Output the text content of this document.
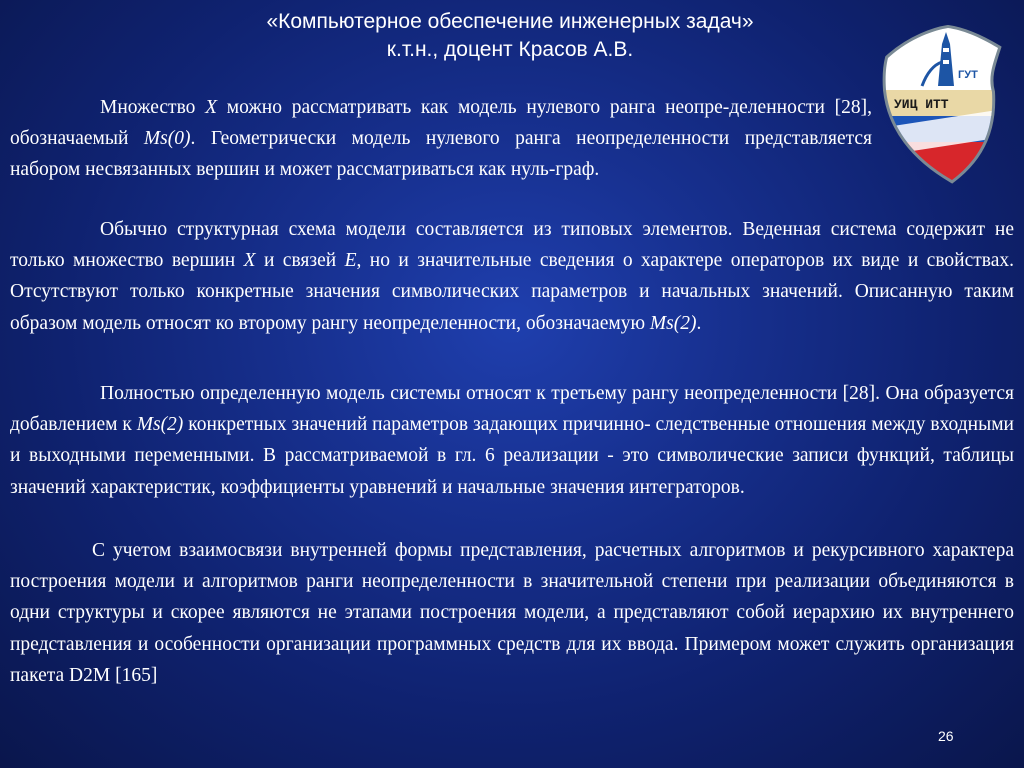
«Компьютерное обеспечение инженерных задач»
к.т.н., доцент Красов А.В.
ГУТ
УИЦ ИТТ

Множество X можно рассматривать как модель нулевого ранга неопре-деленности [28], обозначаемый Ms(0). Геометрически модель нулевого ранга неопределенности представляется набором несвязанных вершин и может рассматриваться как нуль-граф.

Обычно структурная схема модели составляется из типовых элементов. Веденная система содержит не только множество вершин X и связей E, но и значительные сведения о характере операторов их виде и свойствах. Отсутствуют только конкретные значения символических параметров и начальных значений. Описанную таким образом модель относят ко второму рангу неопределенности, обозначаемую Ms(2).

Полностью определенную модель системы относят к третьему рангу неопределенности [28]. Она образуется добавлением к Ms(2) конкретных значений параметров задающих причинно- следственные отношения между входными и выходными переменными. В рассматриваемой в гл. 6 реализации - это символические записи функций, таблицы значений характеристик, коэффициенты уравнений и начальные значения интеграторов.

С учетом взаимосвязи внутренней формы представления, расчетных алгоритмов и рекурсивного характера построения модели и алгоритмов ранги неопределенности в значительной степени при реализации объединяются в одни структуры и скорее являются не этапами построения модели, а представляют собой иерархию их внутреннего представления и особенности организации программных средств для их ввода. Примером может служить организация пакета D2M [165]

26
